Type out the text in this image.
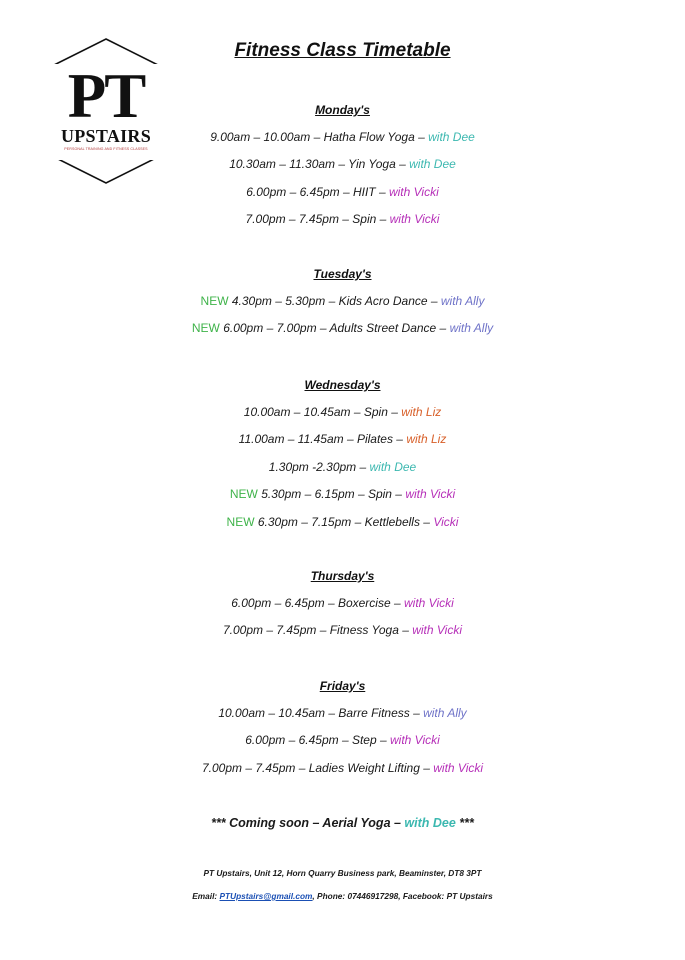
PT
UPSTAIRS
PERSONAL TRAINING AND FITNESS CLASSES
Fitness Class Timetable
Monday's
9.00am – 10.00am – Hatha Flow Yoga – with Dee
10.30am – 11.30am – Yin Yoga – with Dee
6.00pm – 6.45pm – HIIT – with Vicki
7.00pm – 7.45pm – Spin – with Vicki
Tuesday's
NEW 4.30pm – 5.30pm – Kids Acro Dance – with Ally
NEW 6.00pm – 7.00pm – Adults Street Dance – with Ally
Wednesday's
10.00am – 10.45am – Spin – with Liz
11.00am – 11.45am – Pilates – with Liz
1.30pm -2.30pm – with Dee
NEW 5.30pm – 6.15pm – Spin – with Vicki
NEW 6.30pm – 7.15pm – Kettlebells – Vicki
Thursday's
6.00pm – 6.45pm – Boxercise – with Vicki
7.00pm – 7.45pm – Fitness Yoga – with Vicki
Friday's
10.00am – 10.45am – Barre Fitness – with Ally
6.00pm – 6.45pm – Step – with Vicki
7.00pm – 7.45pm – Ladies Weight Lifting – with Vicki
*** Coming soon – Aerial Yoga – with Dee ***
PT Upstairs, Unit 12, Horn Quarry Business park, Beaminster, DT8 3PT
Email: PTUpstairs@gmail.com, Phone: 07446917298, Facebook: PT Upstairs
